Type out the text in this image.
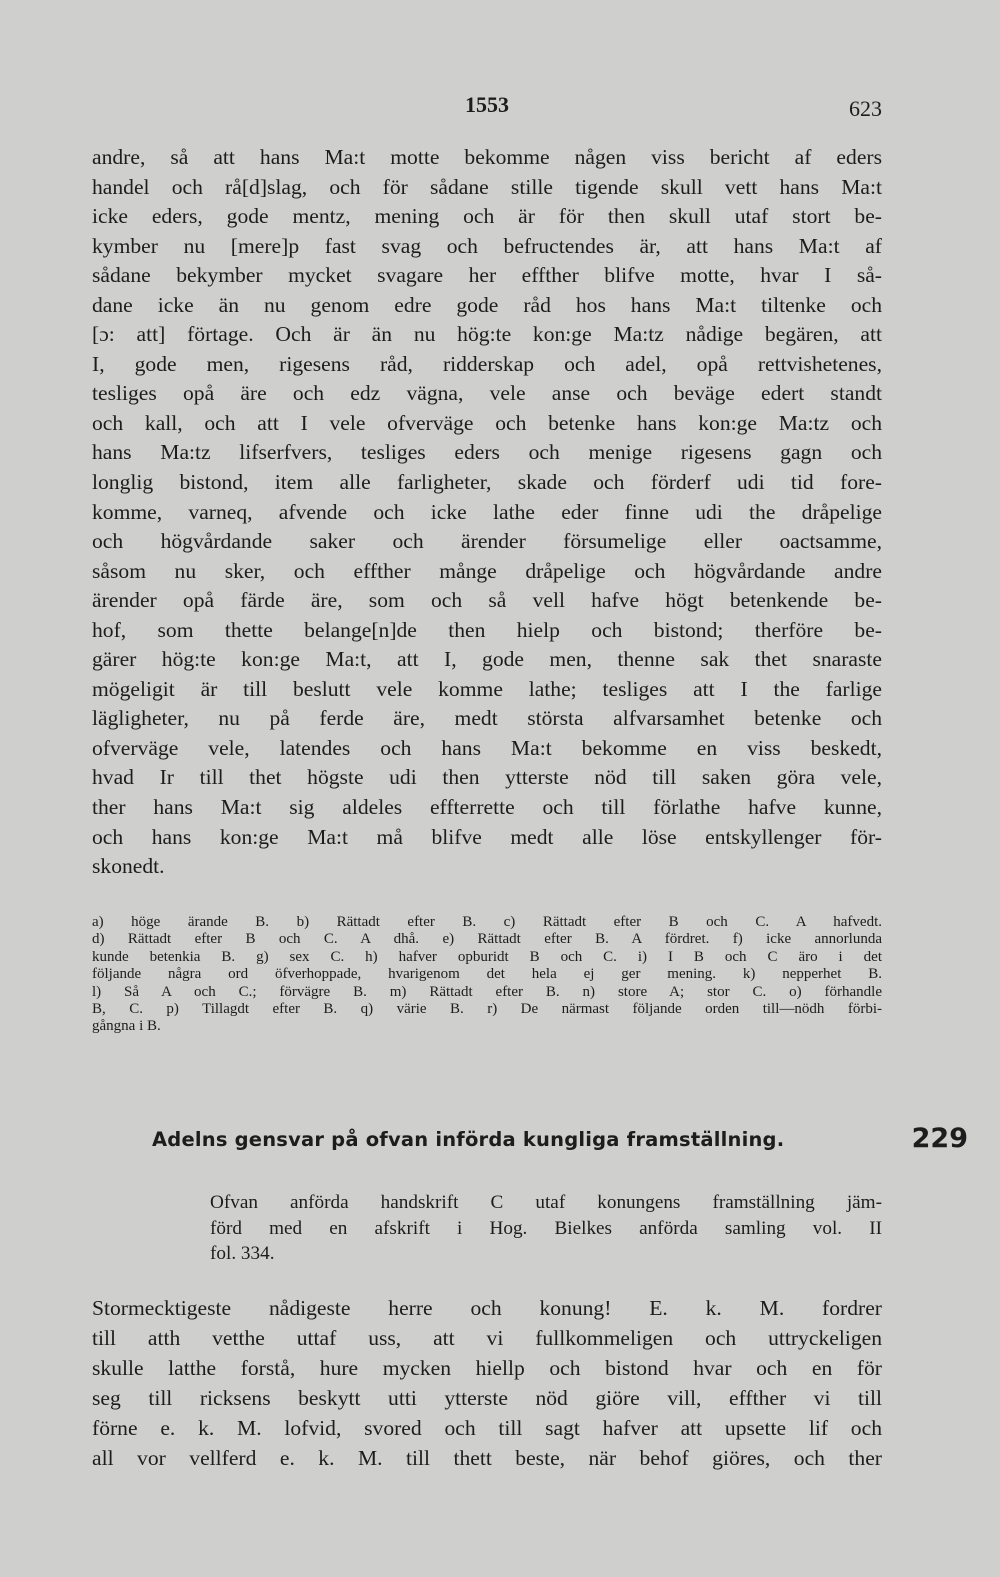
1553	623
andre, så att hans Ma:t motte bekomme någen viss bericht af eders
handel och rå[d]slag, och för sådane stille tigende skull vett hans Ma:t
icke eders, gode mentz, mening och är för then skull utaf stort be-
kymber nu [mere]p fast svag och befructendes är, att hans Ma:t af
sådane bekymber mycket svagare her effther blifve motte, hvar I så-
dane icke än nu genom edre gode råd hos hans Ma:t tiltenke och
[ɔ: att] förtage. Och är än nu hög:te kon:ge Ma:tz nådige begären, att
I, gode men, rigesens råd, ridderskap och adel, opå rettvishetenes,
tesliges opå äre och edz vägna, vele anse och beväge edert standt
och kall, och att I vele ofverväge och betenke hans kon:ge Ma:tz och
hans Ma:tz lifserfvers, tesliges eders och menige rigesens gagn och
longlig bistond, item alle farligheter, skade och förderf udi tid fore-
komme, varneq, afvende och icke lathe eder finne udi the dråpelige
och högvårdande saker och ärender försumelige eller oactsamme,
såsom nu sker, och effther månge dråpelige och högvårdande andre
ärender opå färde äre, som och så vell hafve högt betenkende be-
hof, som thette belange[n]de then hielp och bistond; therföre be-
gärer hög:te kon:ge Ma:t, att I, gode men, thenne sak thet snaraste
mögeligit är till beslutt vele komme lathe; tesliges att I the farlige
lägligheter, nu på ferde äre, medt största alfvarsamhet betenke och
ofverväge vele, latendes och hans Ma:t bekomme en viss beskedt,
hvad Ir till thet högste udi then ytterste nöd till saken göra vele,
ther hans Ma:t sig aldeles effterrette och till förlathe hafve kunne,
och hans kon:ge Ma:t må blifve medt alle löse entskyllenger för-
skonedt.
a) höge ärande B. b) Rättadt efter B. c) Rättadt efter B och C. A hafvedt.
d) Rättadt efter B och C. A dhå. e) Rättadt efter B. A fördret. f) icke annorlunda
kunde betenkia B. g) sex C. h) hafver opburidt B och C. i) I B och C äro i det
följande några ord öfverhoppade, hvarigenom det hela ej ger mening. k) nepperhet B.
l) Så A och C.; förvägre B. m) Rättadt efter B. n) store A; stor C. o) förhandle
B, C. p) Tillagdt efter B. q) värie B. r) De närmast följande orden till—nödh förbi-
gångna i B.
Adelns gensvar på ofvan införda kungliga framställning.	229
Ofvan anförda handskrift C utaf konungens framställning jäm-
förd med en afskrift i Hog. Bielkes anförda samling vol. II
fol. 334.
Stormecktigeste nådigeste herre och konung! E. k. M. fordrer
till atth vetthe uttaf uss, att vi fullkommeligen och uttryckeligen
skulle latthe forstå, hure mycken hiellp och bistond hvar och en för
seg till ricksens beskytt utti ytterste nöd giöre vill, effther vi till
förne e. k. M. lofvid, svored och till sagt hafver att upsette lif och
all vor vellferd e. k. M. till thett beste, när behof giöres, och ther
